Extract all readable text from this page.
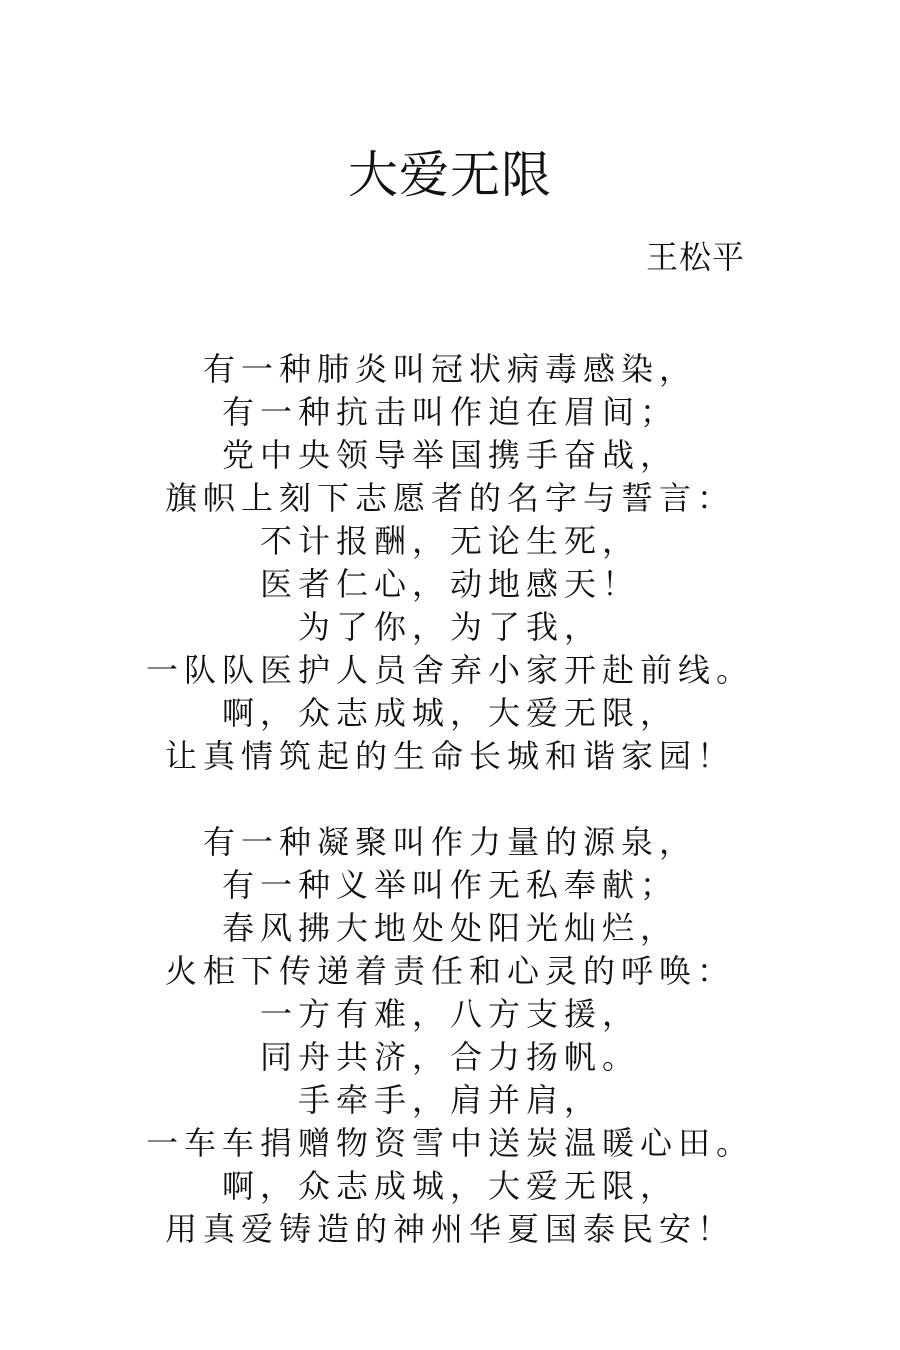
大爱无限
王松平
有一种肺炎叫冠状病毒感染，
有一种抗击叫作迫在眉间；
党中央领导举国携手奋战，
旗帜上刻下志愿者的名字与誓言：
不计报酬，无论生死，
医者仁心，动地感天！
为了你，为了我，
一队队医护人员舍弃小家开赴前线。
啊，众志成城，大爱无限，
让真情筑起的生命长城和谐家园！
有一种凝聚叫作力量的源泉，
有一种义举叫作无私奉献；
春风拂大地处处阳光灿烂，
火柜下传递着责任和心灵的呼唤：
一方有难，八方支援，
同舟共济，合力扬帆。
手牵手，肩并肩，
一车车捐赠物资雪中送炭温暖心田。
啊，众志成城，大爱无限，
用真爱铸造的神州华夏国泰民安！
